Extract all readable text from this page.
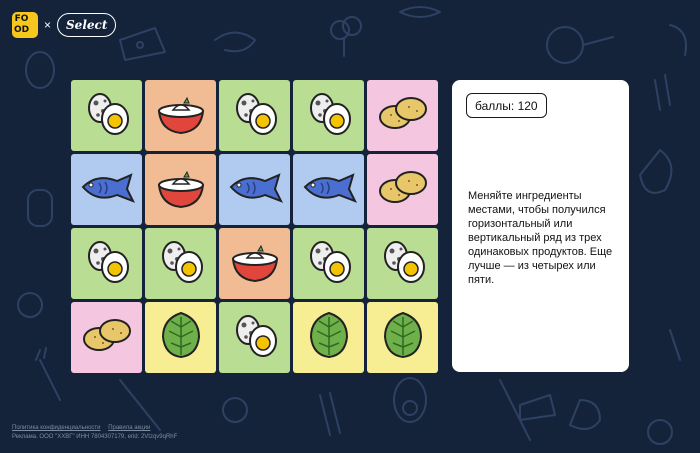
FO
OD ×	Select
баллы: 120

Меняйте ингредиенты местами, чтобы получился горизонтальный или вертикальный ряд из трех одинаковых продуктов. Еще лучше — из четырех или пяти.

Политика конфиденциальности Правила акции
Реклама. ООО "ХХВГ" ИНН 7804307179, erid: 2Vtzqv9qRhF
